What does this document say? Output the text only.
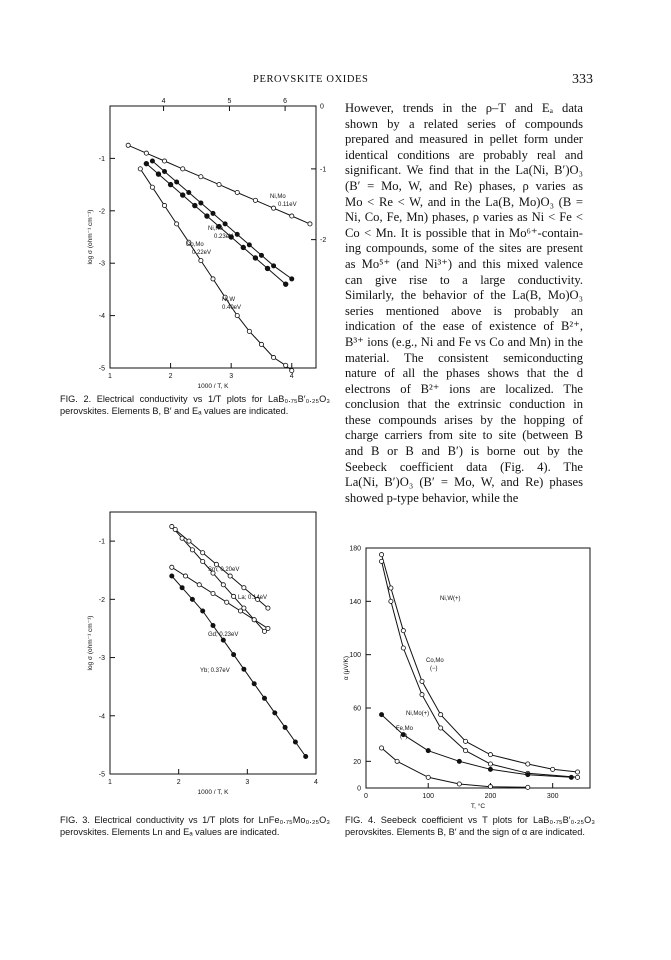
PEROVSKITE OXIDES	333
However, trends in the ρ–T and Eₐ data
shown by a related series of compounds
prepared and measured in pellet form under
identical conditions are probably real and
significant. We find that in the La(Ni, B′)O₃
(B′ = Mo, W, and Re) phases, ρ varies as
Mo < Re < W, and in the La(B, Mo)O₃ (B =
Ni, Co, Fe, Mn) phases, ρ varies as Ni < Fe <
Co < Mn. It is possible that in Mo⁶⁺-contain-
ing compounds, some of the sites are present
as Mo⁵⁺ (and Ni³⁺) and this mixed valence
can give rise to a large conductivity.
Similarly, the behavior of the La(B, Mo)O₃
series mentioned above is probably an
indication of the ease of existence of B²⁺,
B³⁺ ions (e.g., Ni and Fe vs Co and Mn) in the
material. The consistent semiconducting
nature of all the phases shows that the d
electrons of B²⁺ ions are localized. The
conclusion that the extrinsic conduction in
these compounds arises by the hopping of
charge carriers from site to site (between B
and B or B and B′) is borne out by the
Seebeck coefficient data (Fig. 4). The
La(Ni, B′)O₃ (B′ = Mo, W, and Re) phases
showed p-type behavior, while the
1	2	3	4
-1
-2
-3
-4
-5
4	5	6
0
-1
-2
1000 / T, K
log σ (ohm⁻¹ cm⁻¹)
Ni,Mo
0.11eV
Ni,Re
0.23eV
Co,Mo
0.22eV
Ni,W
0.40eV
FIG. 2. Electrical conductivity vs 1/T plots for LaB₀.₇₅B′₀.₂₅O₃ perovskites. Elements B, B′ and Eₐ values are indicated.
1	2	3	4
-1
-2
-3
-4
-5
1000 / T, K
log σ (ohm⁻¹ cm⁻¹)
Sm; 0.20eV
La; 0.14eV
Gd; 0.23eV
Yb; 0.37eV
FIG. 3. Electrical conductivity vs 1/T plots for LnFe₀.₇₅Mo₀.₂₅O₃ perovskites. Elements Ln and Eₐ values are indicated.
0	100	200	300
180
140
100
60
20
0
T, °C
α (μV/K)
Ni,W(+)
Co,Mo
(−)
Ni,Mo(+)
Fe,Mo
(−)
FIG. 4. Seebeck coefficient vs T plots for LaB₀.₇₅B′₀.₂₅O₃ perovskites. Elements B, B′ and the sign of α are indicated.
